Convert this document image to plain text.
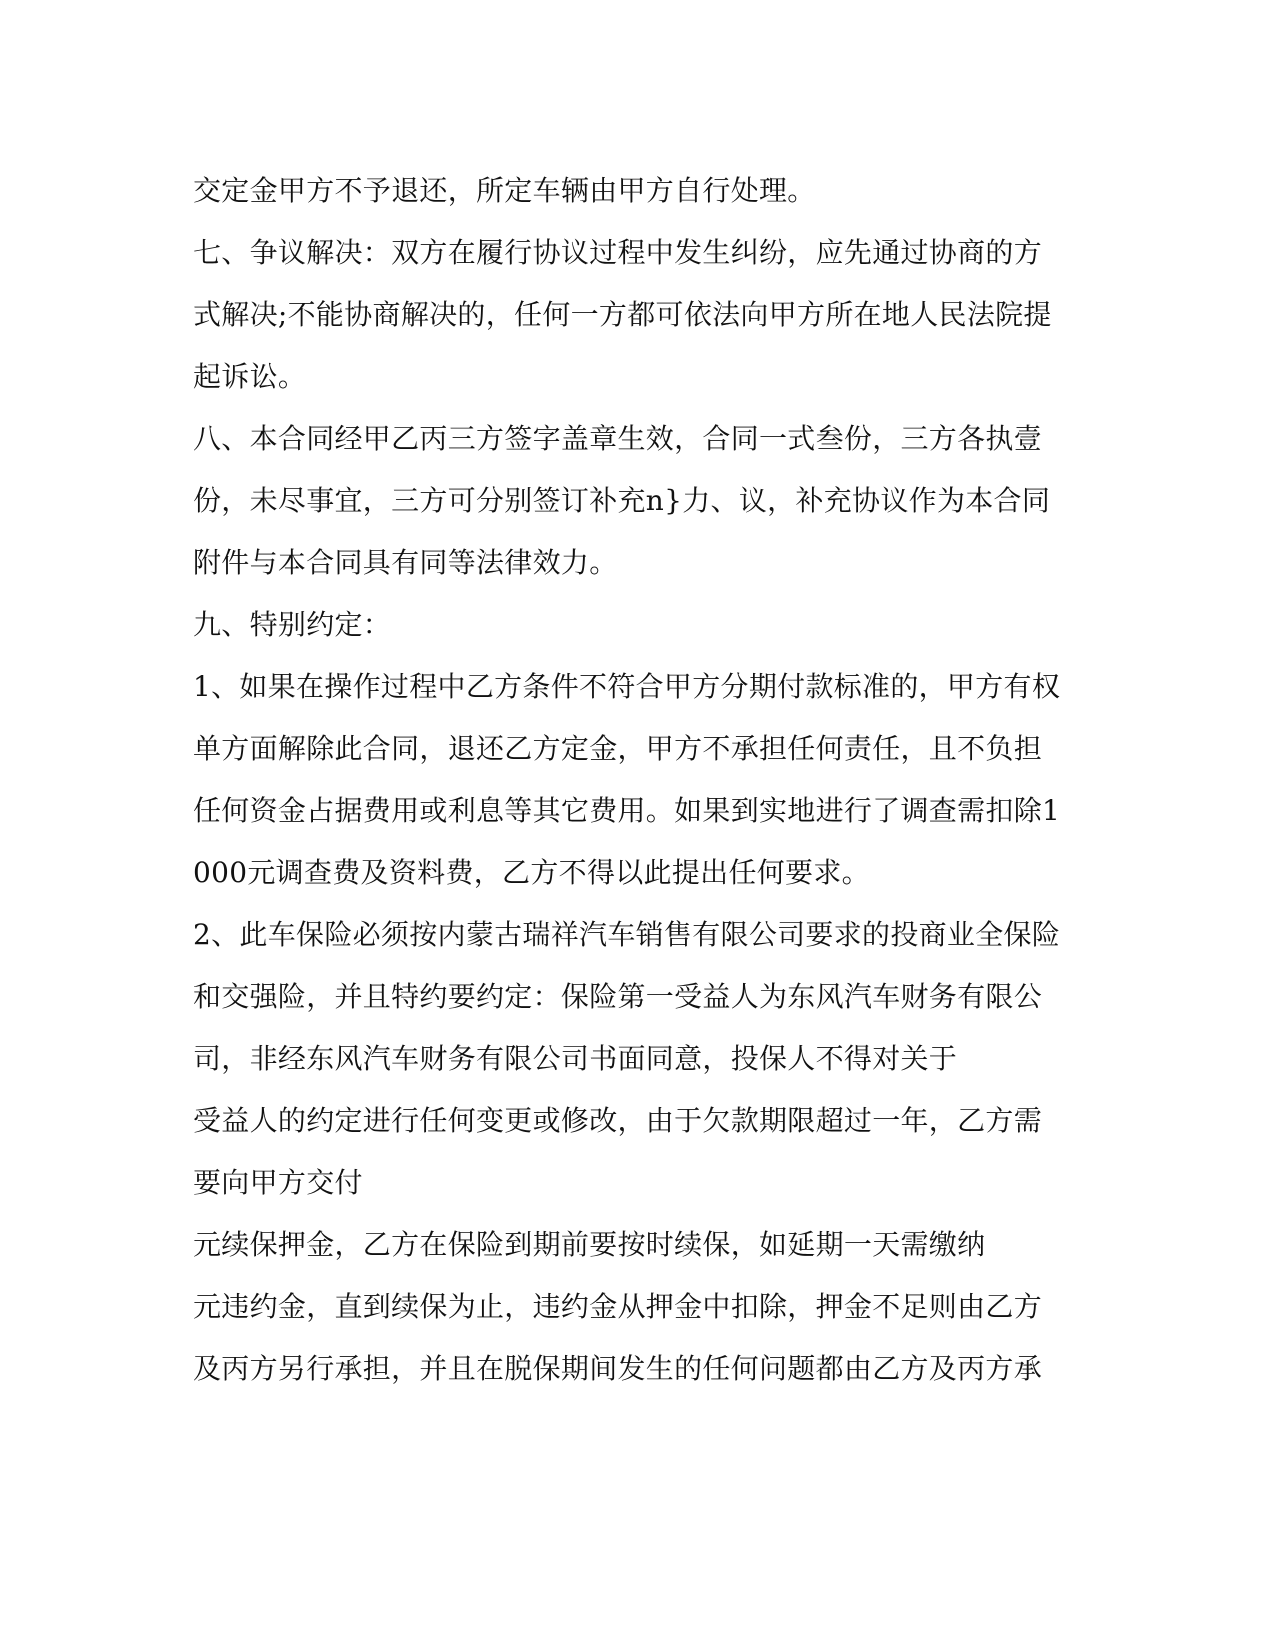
交定金甲方不予退还，所定车辆由甲方自行处理。
七、争议解决：双方在履行协议过程中发生纠纷，应先通过协商的方
式解决;不能协商解决的，任何一方都可依法向甲方所在地人民法院提
起诉讼。
八、本合同经甲乙丙三方签字盖章生效，合同一式叁份，三方各执壹
份，未尽事宜，三方可分别签订补充n}力、议，补充协议作为本合同
附件与本合同具有同等法律效力。
九、特别约定：
1、如果在操作过程中乙方条件不符合甲方分期付款标准的，甲方有权
单方面解除此合同，退还乙方定金，甲方不承担任何责任，且不负担
任何资金占据费用或利息等其它费用。如果到实地进行了调查需扣除1
000元调查费及资料费，乙方不得以此提出任何要求。
2、此车保险必须按内蒙古瑞祥汽车销售有限公司要求的投商业全保险
和交强险，并且特约要约定：保险第一受益人为东风汽车财务有限公
司，非经东风汽车财务有限公司书面同意，投保人不得对关于
受益人的约定进行任何变更或修改，由于欠款期限超过一年，乙方需
要向甲方交付
元续保押金，乙方在保险到期前要按时续保，如延期一天需缴纳
元违约金，直到续保为止，违约金从押金中扣除，押金不足则由乙方
及丙方另行承担，并且在脱保期间发生的任何问题都由乙方及丙方承
